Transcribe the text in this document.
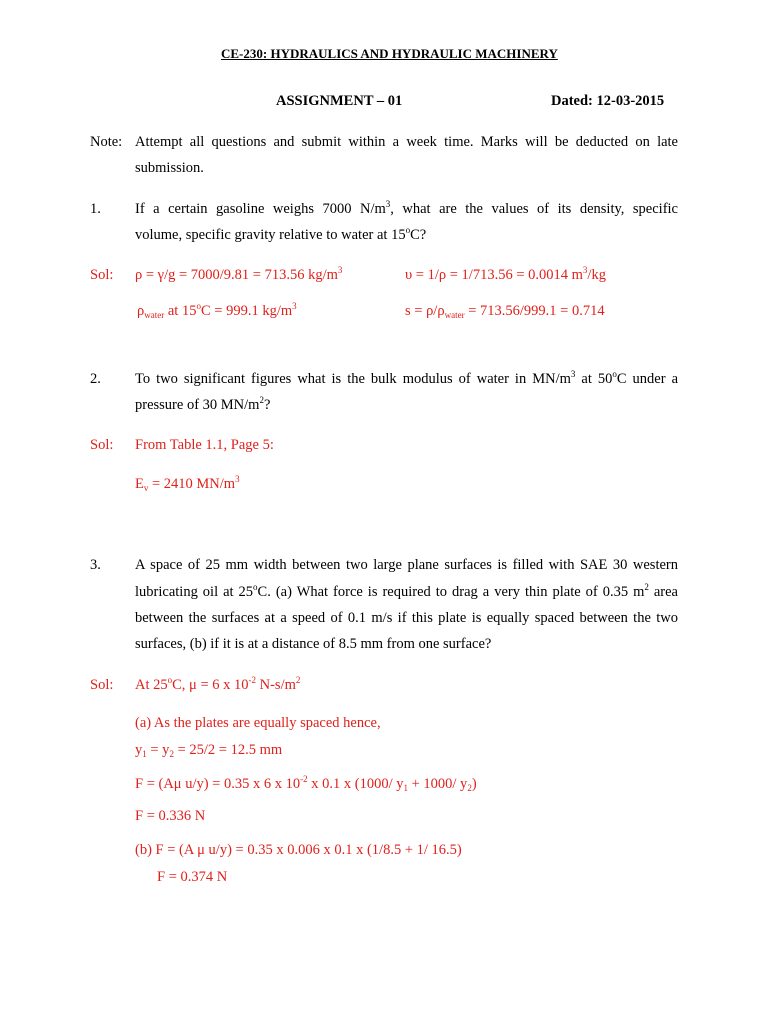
CE-230: HYDRAULICS AND HYDRAULIC MACHINERY
ASSIGNMENT – 01	Dated: 12-03-2015
Note: Attempt all questions and submit within a week time. Marks will be deducted on late
submission.
1. If a certain gasoline weighs 7000 $N/m^3$, what are the values of its density, specific
volume, specific gravity relative to water at 15$^o$C?
Sol: ρ = γ/g = 7000/9.81 = 713.56 $kg/m^3$	υ = 1/ρ = 1/713.56 = 0.0014 $m^3/kg$
$\rho_{water}$ at $15^oC = 999.1$ $kg/m^3$	$s = \rho/\rho_{water} = 713.56/999.1 = 0.714$
2. To two significant figures what is the bulk modulus of water in $MN/m^3$ at 50$^o$C under a
pressure of 30 $MN/m^2$?
Sol: From Table 1.1, Page 5:
$E_v = 2410$ $MN/m^3$
3. A space of 25 mm width between two large plane surfaces is filled with SAE 30 western
lubricating oil at 25$^o$C. (a) What force is required to drag a very thin plate of 0.35 $m^2$ area
between the surfaces at a speed of 0.1 m/s if this plate is equally spaced between the two
surfaces, (b) if it is at a distance of 8.5 mm from one surface?
Sol: At 25$^o$C, μ = 6 x $10^{-2}$ $N-s/m^2$
(a) As the plates are equally spaced hence,
$y_1 = y_2 = 25/2 = 12.5$ mm
F = (Aμ u/y) = 0.35 x 6 x $10^{-2}$ x 0.1 x (1000/ $y_1 + 1000/$ $y_2$)
F = 0.336 N
(b) F = (A μ u/y) = 0.35 x 0.006 x 0.1 x (1/8.5 + 1/ 16.5)
F = 0.374 N
